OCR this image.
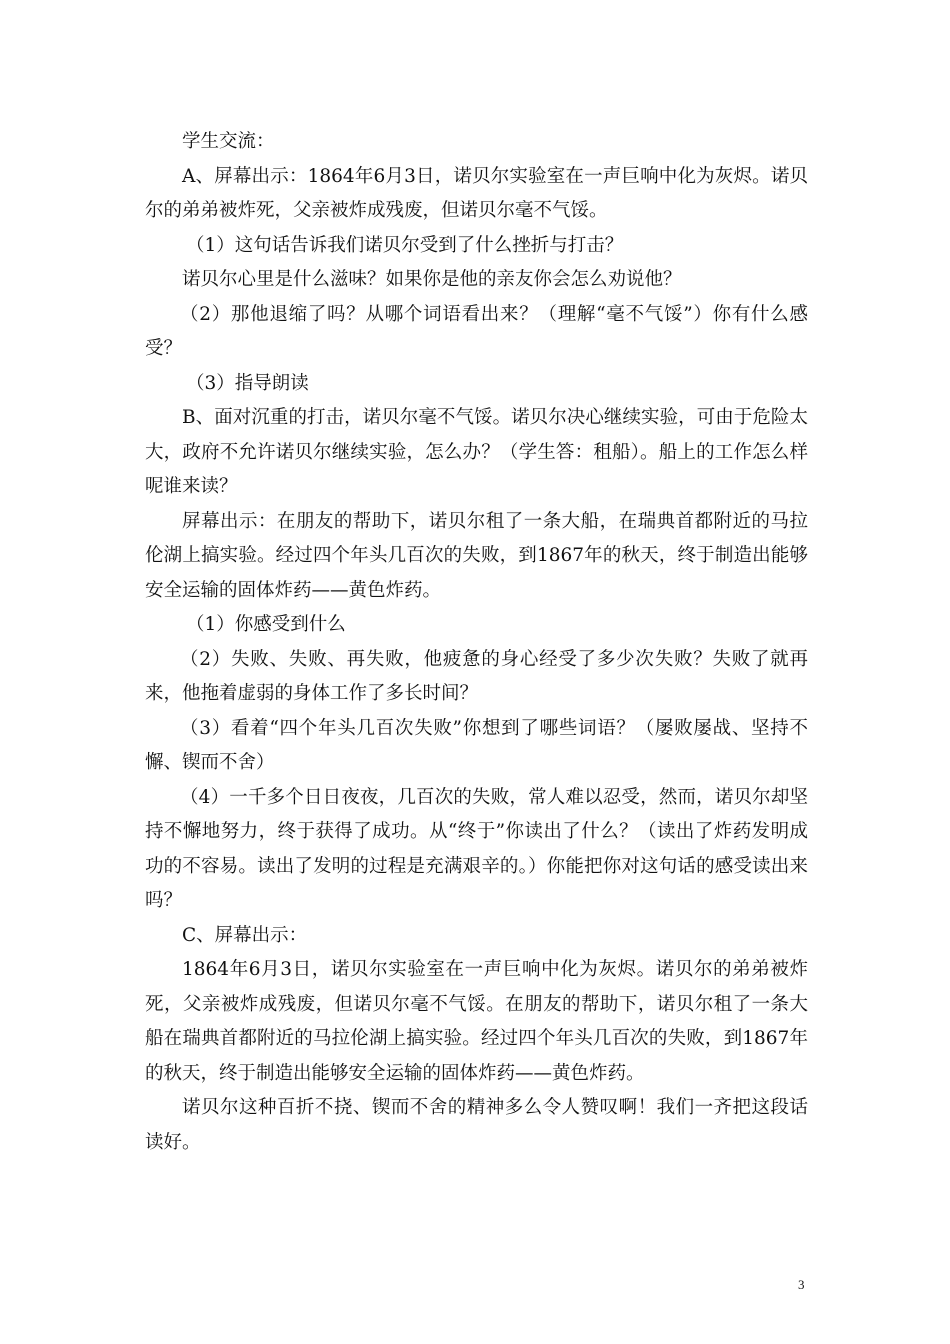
学生交流：

A、屏幕出示：1864年6月3日，诺贝尔实验室在一声巨响中化为灰烬。诺贝尔的弟弟被炸死，父亲被炸成残废，但诺贝尔毫不气馁。

（1）这句话告诉我们诺贝尔受到了什么挫折与打击？

诺贝尔心里是什么滋味？如果你是他的亲友你会怎么劝说他？

（2）那他退缩了吗？从哪个词语看出来？（理解“毫不气馁”）你有什么感受？

（3）指导朗读

B、面对沉重的打击，诺贝尔毫不气馁。诺贝尔决心继续实验，可由于危险太大，政府不允许诺贝尔继续实验，怎么办？（学生答：租船）。船上的工作怎么样呢谁来读？

屏幕出示：在朋友的帮助下，诺贝尔租了一条大船，在瑞典首都附近的马拉伦湖上搞实验。经过四个年头几百次的失败，到1867年的秋天，终于制造出能够安全运输的固体炸药——黄色炸药。

（1）你感受到什么

（2）失败、失败、再失败，他疲惫的身心经受了多少次失败？失败了就再来，他拖着虚弱的身体工作了多长时间？

（3）看着“四个年头几百次失败”你想到了哪些词语？（屡败屡战、坚持不懈、锲而不舍）

（4）一千多个日日夜夜，几百次的失败，常人难以忍受，然而，诺贝尔却坚持不懈地努力，终于获得了成功。从“终于”你读出了什么？（读出了炸药发明成功的不容易。读出了发明的过程是充满艰辛的。）你能把你对这句话的感受读出来吗？

C、屏幕出示：

1864年6月3日，诺贝尔实验室在一声巨响中化为灰烬。诺贝尔的弟弟被炸死，父亲被炸成残废，但诺贝尔毫不气馁。在朋友的帮助下，诺贝尔租了一条大船在瑞典首都附近的马拉伦湖上搞实验。经过四个年头几百次的失败，到1867年的秋天，终于制造出能够安全运输的固体炸药——黄色炸药。

诺贝尔这种百折不挠、锲而不舍的精神多么令人赞叹啊！我们一齐把这段话读好。

3
